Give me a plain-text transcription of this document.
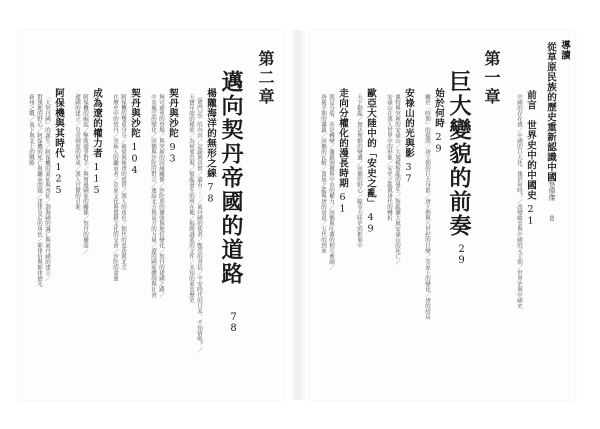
第二章
邁向契丹帝國的道路
78
楊隴海洋的無形之線78
《將門記》的內容／記錄與真實／還有⋯⋯／東丹國的使者／甄萱的書信／平安時代的日本，不知情嗎？／
天寶年間的秘密／為何要出現／叛亂發生的所在地／揭開謎底的文件／未知的東亞歷史
契丹與沙陀93
無可避免的登場／與突厥的因緣關係／沙陀族的擴張與地位變化／契丹的建國之路／
中亞風雲的變化／回鶻與沙陀的對立／連結北方與南方的力量／遼的國家體制與社會
契丹與沙陀104
阿保機的雙重身分／後梁與後唐的更替／漢人的角色／朝代的更迭與北方
在歷史中的契丹／突厥人的繼承者／草原文化與農耕文化的交會／沙陀的命運
成為遼的權力者115
阿保機的崛起／擊敗競爭對手／與周邊國家的關係／契丹的擴張／
遼國的建立／皇帝制度的形成／漢人官僚的引進
阿保機與其時代125
「大契丹國」的誕生／阿保機的東征與西征／渤海國的滅亡與東丹國的建立／
對漢地的野心／阿保機的死亡與繼承問題／述律皇后的角色／耶律倍與耶律德光
新州之戰／南下與北上的戰略
導讀
從草原民族的歷史重新認識中國
蔡偉傑
8
前言
世界史中的中國史21
中國的存在感／中國的巨大化，幾於何時？／改變歐亞與中國的元王朝／世界史與中國史
第一章
巨大變貌的前奏
29
始於何時29
關於「時期」的提問／唐王朝的巨大身影／唐王朝與八世紀的巨變／草原上的變化／唐的結局
安祿山的光與影37
粟特與突厥的安祿山／大規模叛亂的發生／叛亂擴大與安祿山的死亡／
安祿山在漢人世界中的形象／安史之亂與唐代的轉折
歐亞大陸中的「安史之亂」49
天下動亂／無法理解的變遷／回鶻的野心／歐亞大陸史的框架中
走向分權化的漫長時期61
既是分裂，亦是轉變／藩鎮割據與中央的權力／回鶻與吐蕃的相互牽制／
唐後半期的藩鎮／回鶻的瓦解／黃巢之亂與唐的衰退／五代的到來
